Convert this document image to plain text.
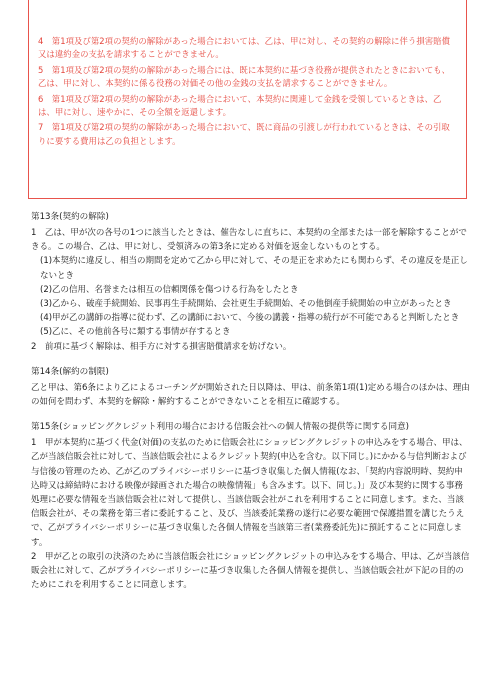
4　第1項及び第2項の契約の解除があった場合においては、乙は、甲に対し、その契約の解除に伴う損害賠償又は違約金の支払を請求することができません。

5　第1項及び第2項の契約の解除があった場合には、既に本契約に基づき役務が提供されたときにおいても、乙は、甲に対し、本契約に係る役務の対価その他の金銭の支払を請求することができません。

6　第1項及び第2項の契約の解除があった場合において、本契約に関連して金銭を受領しているときは、乙は、甲に対し、速やかに、その全額を返還します。

7　第1項及び第2項の契約の解除があった場合において、既に商品の引渡しが行われているときは、その引取りに要する費用は乙の負担とします。

第13条(契約の解除)

1　乙は、甲が次の各号の1つに該当したときは、催告なしに直ちに、本契約の全部または一部を解除することができる。この場合、乙は、甲に対し、受領済みの第3条に定める対価を返金しないものとする。

(1)本契約に違反し、相当の期間を定めて乙から甲に対して、その是正を求めたにも関わらず、その違反を是正しないとき

(2)乙の信用、名誉または相互の信頼関係を傷つける行為をしたとき

(3)乙から、破産手続開始、民事再生手続開始、会社更生手続開始、その他倒産手続開始の申立があったとき

(4)甲が乙の講師の指導に従わず、乙の講師において、今後の講義・指導の続行が不可能であると判断したとき

(5)乙に、その他前各号に類する事情が存するとき

2　前項に基づく解除は、相手方に対する損害賠償請求を妨げない。

第14条(解約の制限)

乙と甲は、第6条により乙によるコーチングが開始された日以降は、甲は、前条第1項(1)定める場合のほかは、理由の如何を問わず、本契約を解除・解約することができないことを相互に確認する。

第15条(ショッピングクレジット利用の場合における信販会社への個人情報の提供等に関する同意)

1　甲が本契約に基づく代金(対価)の支払のために信販会社にショッピングクレジットの申込みをする場合、甲は、乙が当該信販会社に対して、当該信販会社によるクレジット契約(申込を含む。以下同じ。)にかかる与信判断および与信後の管理のため、乙が乙のプライバシーポリシーに基づき収集した個人情報(なお、「契約内容説明時、契約申込時又は締結時における映像が録画された場合の映像情報」も含みます。以下、同じ。)」及び本契約に関する事務処理に必要な情報を当該信販会社に対して提供し、当該信販会社がこれを利用することに同意します。また、当該信販会社が、その業務を第三者に委託すること、及び、当該委託業務の遂行に必要な範囲で保護措置を講じたうえで、乙がプライバシーポリシーに基づき収集した各個人情報を当該第三者(業務委託先)に預託することに同意します。

2　甲が乙との取引の決済のために当該信販会社にショッピングクレジットの申込みをする場合、甲は、乙が当該信販会社に対して、乙がプライバシーポリシーに基づき収集した各個人情報を提供し、当該信販会社が下記の目的のためにこれを利用することに同意します。
